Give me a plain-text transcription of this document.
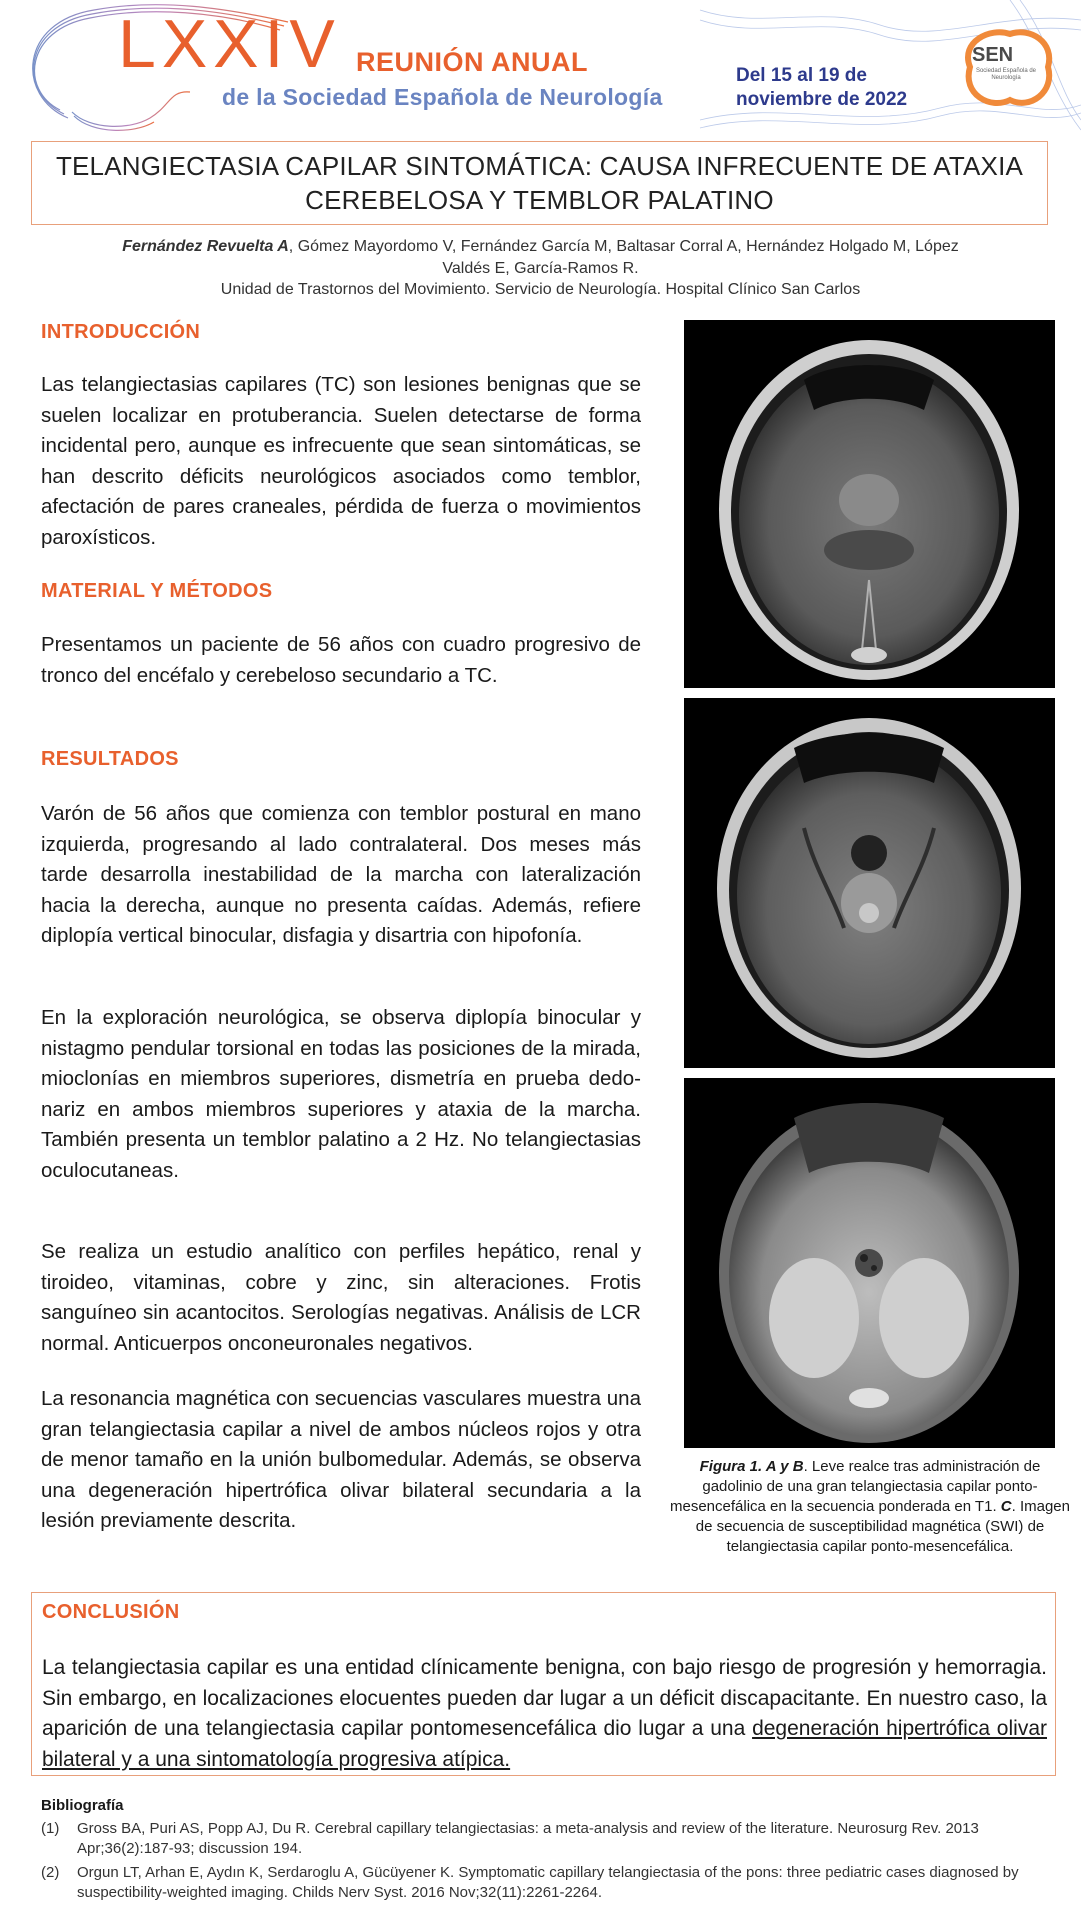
LXXIV REUNIÓN ANUAL
de la Sociedad Española de Neurología
Del 15 al 19 de noviembre de 2022
SEN
Sociedad Española de Neurología
TELANGIECTASIA CAPILAR SINTOMÁTICA: CAUSA INFRECUENTE DE ATAXIA CEREBELOSA Y TEMBLOR PALATINO
Fernández Revuelta A, Gómez Mayordomo V, Fernández García M, Baltasar Corral A, Hernández Holgado M, López Valdés E, García-Ramos R.
Unidad de Trastornos del Movimiento. Servicio de Neurología. Hospital Clínico San Carlos
INTRODUCCIÓN
Las telangiectasias capilares (TC) son lesiones benignas que se suelen localizar en protuberancia. Suelen detectarse de forma incidental pero, aunque es infrecuente que sean sintomáticas, se han descrito déficits neurológicos asociados como temblor, afectación de pares craneales, pérdida de fuerza o movimientos paroxísticos.
MATERIAL Y MÉTODOS
Presentamos un paciente de 56 años con cuadro progresivo de tronco del encéfalo y cerebeloso secundario a TC.
RESULTADOS
Varón de 56 años que comienza con temblor postural en mano izquierda, progresando al lado contralateral. Dos meses más tarde desarrolla inestabilidad de la marcha con lateralización hacia la derecha, aunque no presenta caídas. Además, refiere diplopía vertical binocular, disfagia y disartria con hipofonía.
En la exploración neurológica, se observa diplopía binocular y nistagmo pendular torsional en todas las posiciones de la mirada, mioclonías en miembros superiores, dismetría en prueba dedo-nariz en ambos miembros superiores y ataxia de la marcha. También presenta un temblor palatino a 2 Hz. No telangiectasias oculocutaneas.
Se realiza un estudio analítico con perfiles hepático, renal y tiroideo, vitaminas, cobre y zinc, sin alteraciones. Frotis sanguíneo sin acantocitos. Serologías negativas. Análisis de LCR normal. Anticuerpos onconeuronales negativos.
La resonancia magnética con secuencias vasculares muestra una gran telangiectasia capilar a nivel de ambos núcleos rojos y otra de menor tamaño en la unión bulbomedular. Además, se observa una degeneración hipertrófica olivar bilateral secundaria a la lesión previamente descrita.
Figura 1. A y B. Leve realce tras administración de gadolinio de una gran telangiectasia capilar ponto-mesencefálica en la secuencia ponderada en T1. C. Imagen de secuencia de susceptibilidad magnética (SWI) de telangiectasia capilar ponto-mesencefálica.
CONCLUSIÓN
La telangiectasia capilar es una entidad clínicamente benigna, con bajo riesgo de progresión y hemorragia. Sin embargo, en localizaciones elocuentes pueden dar lugar a un déficit discapacitante. En nuestro caso, la aparición de una telangiectasia capilar pontomesencefálica dio lugar a una degeneración hipertrófica olivar bilateral y a una sintomatología progresiva atípica.
Bibliografía
(1)	Gross BA, Puri AS, Popp AJ, Du R. Cerebral capillary telangiectasias: a meta-analysis and review of the literature. Neurosurg Rev. 2013 Apr;36(2):187-93; discussion 194.
(2)	Orgun LT, Arhan E, Aydın K, Serdaroglu A, Gücüyener K. Symptomatic capillary telangiectasia of the pons: three pediatric cases diagnosed by suspectibility-weighted imaging. Childs Nerv Syst. 2016 Nov;32(11):2261-2264.
